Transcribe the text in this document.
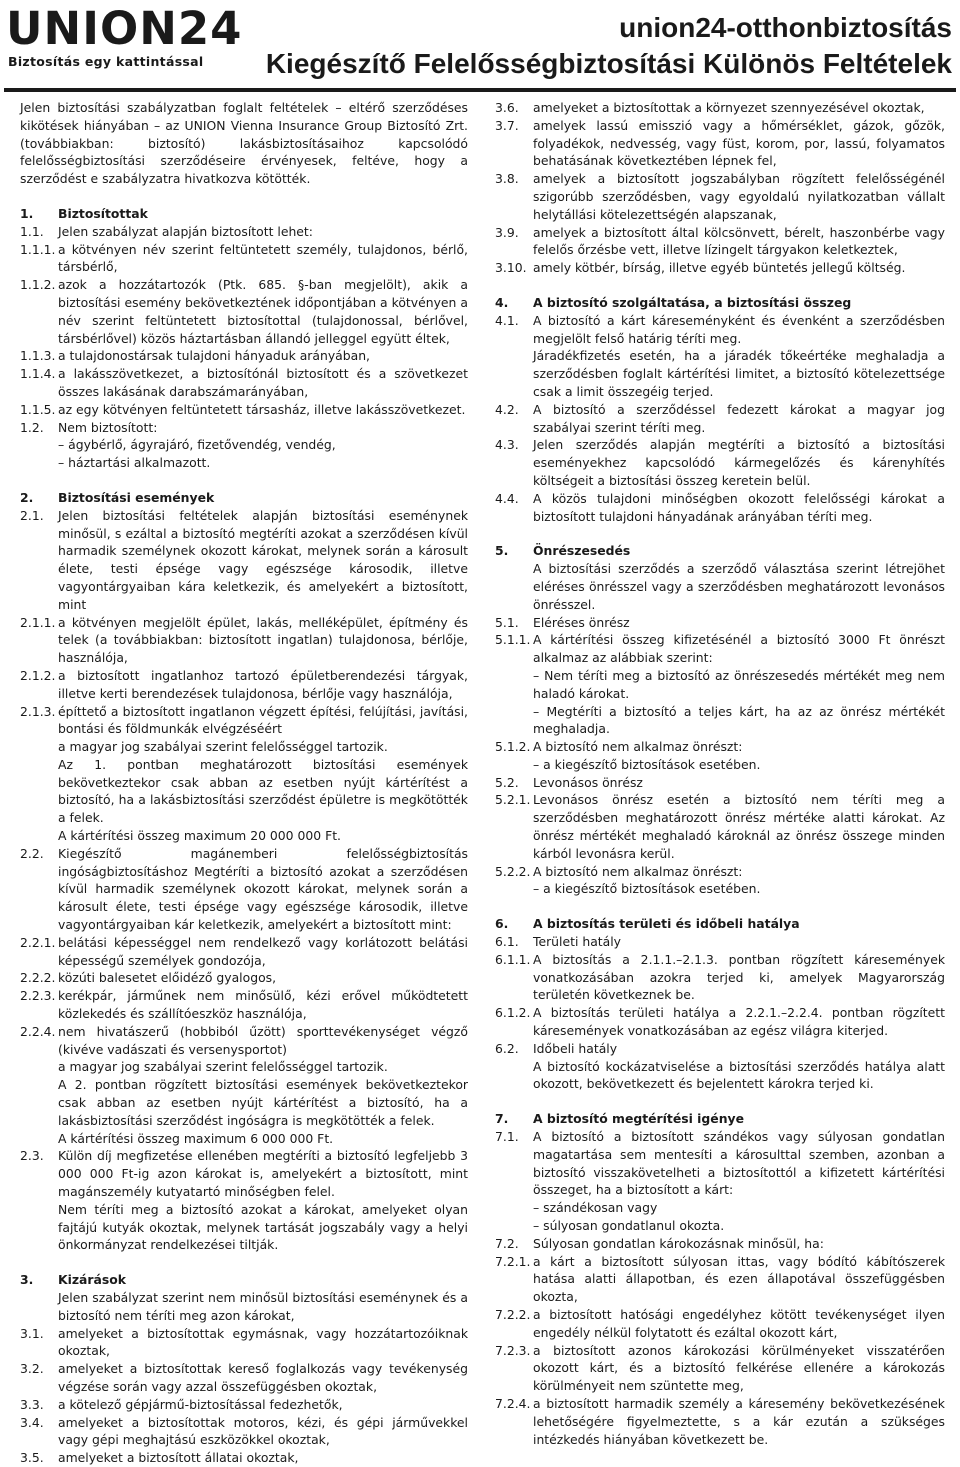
UNION24
Biztosítás egy kattintással
union24-otthonbiztosítás
Kiegészítő Felelősségbiztosítási Különös Feltételek
Jelen biztosítási szabályzatban foglalt feltételek – eltérő szerződéses kikötések hiányában – az UNION Vienna Insurance Group Biztosító Zrt. (továbbiakban: biztosító) lakásbiztosításaihoz kapcsolódó felelősségbiztosítási szerződéseire érvényesek, feltéve, hogy a szerződést e szabályzatra hivatkozva kötötték.
1.	Biztosítottak
1.1.	Jelen szabályzat alapján biztosított lehet:
1.1.1. a kötvényen név szerint feltüntetett személy, tulajdonos, bérlő, társbérlő,
1.1.2. azok a hozzátartozók (Ptk. 685. §-ban megjelölt), akik a biztosítási esemény bekövetkeztének időpontjában a kötvényen a név szerint feltüntetett biztosítottal (tulajdonossal, bérlővel, társbérlővel) közös háztartásban állandó jelleggel együtt éltek,
1.1.3. a tulajdonostársak tulajdoni hányaduk arányában,
1.1.4. a lakásszövetkezet, a biztosítónál biztosított és a szövetkezet összes lakásának darabszámarányában,
1.1.5. az egy kötvényen feltüntetett társasház, illetve lakásszövetkezet.
1.2.	Nem biztosított:
– ágybérlő, ágyrajáró, fizetővendég, vendég,
– háztartási alkalmazott.
2.	Biztosítási események
2.1.	Jelen biztosítási feltételek alapján biztosítási eseménynek minősül, s ezáltal a biztosító megtéríti azokat a szerződésen kívül harmadik személynek okozott károkat, melynek során a károsult élete, testi épsége vagy egészsége károsodik, illetve vagyontárgyaiban kára keletkezik, és amelyekért a biztosított, mint
2.1.1. a kötvényen megjelölt épület, lakás, melléképület, építmény és telek (a továbbiakban: biztosított ingatlan) tulajdonosa, bérlője, használója,
2.1.2. a biztosított ingatlanhoz tartozó épületberendezési tárgyak, illetve kerti berendezések tulajdonosa, bérlője vagy használója,
2.1.3. építtető a biztosított ingatlanon végzett építési, felújítási, javítási, bontási és földmunkák elvégzéséért
a magyar jog szabályai szerint felelősséggel tartozik.
Az 1. pontban meghatározott biztosítási események bekövetkeztekor csak abban az esetben nyújt kártérítést a biztosító, ha a lakásbiztosítási szerződést épületre is megkötötték a felek.
A kártérítési összeg maximum 20 000 000 Ft.
2.2.	Kiegészítő magánemberi felelősségbiztosítás ingóságbiztosításhoz Megtéríti a biztosító azokat a szerződésen kívül harmadik személynek okozott károkat, melynek során a károsult élete, testi épsége vagy egészsége károsodik, illetve vagyontárgyaiban kár keletkezik, amelyekért a biztosított mint:
2.2.1. belátási képességgel nem rendelkező vagy korlátozott belátási képességű személyek gondozója,
2.2.2. közúti balesetet előidéző gyalogos,
2.2.3. kerékpár, járműnek nem minősülő, kézi erővel működtetett közlekedés és szállítóeszköz használója,
2.2.4. nem hivatászerű (hobbiból űzött) sporttevékenységet végző (kivéve vadászati és versenysportot)
a magyar jog szabályai szerint felelősséggel tartozik.
A 2. pontban rögzített biztosítási események bekövetkeztekor csak abban az esetben nyújt kártérítést a biztosító, ha a lakásbiztosítási szerződést ingóságra is megkötötték a felek.
A kártérítési összeg maximum 6 000 000 Ft.
2.3.	Külön díj megfizetése ellenében megtéríti a biztosító legfeljebb 3 000 000 Ft-ig azon károkat is, amelyekért a biztosított, mint magánszemély kutyatartó minőségben felel.
Nem téríti meg a biztosító azokat a károkat, amelyeket olyan fajtájú kutyák okoztak, melynek tartását jogszabály vagy a helyi önkormányzat rendelkezései tiltják.
3.	Kizárások
Jelen szabályzat szerint nem minősül biztosítási eseménynek és a biztosító nem téríti meg azon károkat,
3.1.	amelyeket a biztosítottak egymásnak, vagy hozzátartozóiknak okoztak,
3.2.	amelyeket a biztosítottak kereső foglalkozás vagy tevékenység végzése során vagy azzal összefüggésben okoztak,
3.3.	a kötelező gépjármű-biztosítással fedezhetők,
3.4.	amelyeket a biztosítottak motoros, kézi, és gépi járművekkel vagy gépi meghajtású eszközökkel okoztak,
3.5.	amelyeket a biztosított állatai okoztak,
3.6.	amelyeket a biztosítottak a környezet szennyezésével okoztak,
3.7.	amelyek lassú emisszió vagy a hőmérséklet, gázok, gőzök, folyadékok, nedvesség, vagy füst, korom, por, lassú, folyamatos behatásának következtében lépnek fel,
3.8.	amelyek a biztosított jogszabályban rögzített felelősségénél szigorúbb szerződésben, vagy egyoldalú nyilatkozatban vállalt helytállási kötelezettségén alapszanak,
3.9.	amelyek a biztosított által kölcsönvett, bérelt, haszonbérbe vagy felelős őrzésbe vett, illetve lízingelt tárgyakon keletkeztek,
3.10. amely kötbér, bírság, illetve egyéb büntetés jellegű költség.
4.	A biztosító szolgáltatása, a biztosítási összeg
4.1.	A biztosító a kárt káreseményként és évenként a szerződésben megjelölt felső határig téríti meg.
Járadékfizetés esetén, ha a járadék tőkeértéke meghaladja a szerződésben foglalt kártérítési limitet, a biztosító kötelezettsége csak a limit összegéig terjed.
4.2.	A biztosító a szerződéssel fedezett károkat a magyar jog szabályai szerint téríti meg.
4.3.	Jelen szerződés alapján megtéríti a biztosító a biztosítási eseményekhez kapcsolódó kármegelőzés és kárenyhítés költségeit a biztosítási összeg keretein belül.
4.4.	A közös tulajdoni minőségben okozott felelősségi károkat a biztosított tulajdoni hányadának arányában téríti meg.
5.	Önrészesedés
A biztosítási szerződés a szerződő választása szerint létrejöhet eléréses önrésszel vagy a szerződésben meghatározott levonásos önrésszel.
5.1.	Eléréses önrész
5.1.1. A kártérítési összeg kifizetésénél a biztosító 3000 Ft önrészt alkalmaz az alábbiak szerint:
– Nem téríti meg a biztosító az önrészesedés mértékét meg nem haladó károkat.
– Megtéríti a biztosító a teljes kárt, ha az az önrész mértékét meghaladja.
5.1.2. A biztosító nem alkalmaz önrészt:
– a kiegészítő biztosítások esetében.
5.2.	Levonásos önrész
5.2.1. Levonásos önrész esetén a biztosító nem téríti meg a szerződésben meghatározott önrész mértéke alatti károkat. Az önrész mértékét meghaladó károknál az önrész összege minden kárból levonásra kerül.
5.2.2. A biztosító nem alkalmaz önrészt:
– a kiegészítő biztosítások esetében.
6.	A biztosítás területi és időbeli hatálya
6.1.	Területi hatály
6.1.1. A biztosítás a 2.1.1.–2.1.3. pontban rögzített káresemények vonatkozásában azokra terjed ki, amelyek Magyarország területén következnek be.
6.1.2. A biztosítás területi hatálya a 2.2.1.–2.2.4. pontban rögzített káresemények vonatkozásában az egész világra kiterjed.
6.2.	Időbeli hatály
A biztosító kockázatviselése a biztosítási szerződés hatálya alatt okozott, bekövetkezett és bejelentett károkra terjed ki.
7.	A biztosító megtérítési igénye
7.1.	A biztosító a biztosított szándékos vagy súlyosan gondatlan magatartása sem mentesíti a károsulttal szemben, azonban a biztosító visszakövetelheti a biztosítottól a kifizetett kártérítési összeget, ha a biztosított a kárt:
– szándékosan vagy
– súlyosan gondatlanul okozta.
7.2.	Súlyosan gondatlan károkozásnak minősül, ha:
7.2.1. a kárt a biztosított súlyosan ittas, vagy bódító kábítószerek hatása alatti állapotban, és ezen állapotával összefüggésben okozta,
7.2.2. a biztosított hatósági engedélyhez kötött tevékenységet ilyen engedély nélkül folytatott és ezáltal okozott kárt,
7.2.3. a biztosított azonos károkozási körülményeket visszatérően okozott kárt, és a biztosító felkérése ellenére a károkozás körülményeit nem szüntette meg,
7.2.4. a biztosított harmadik személy a káresemény bekövetkezésének lehetőségére figyelmeztette, s a kár ezután a szükséges intézkedés hiányában következett be.
